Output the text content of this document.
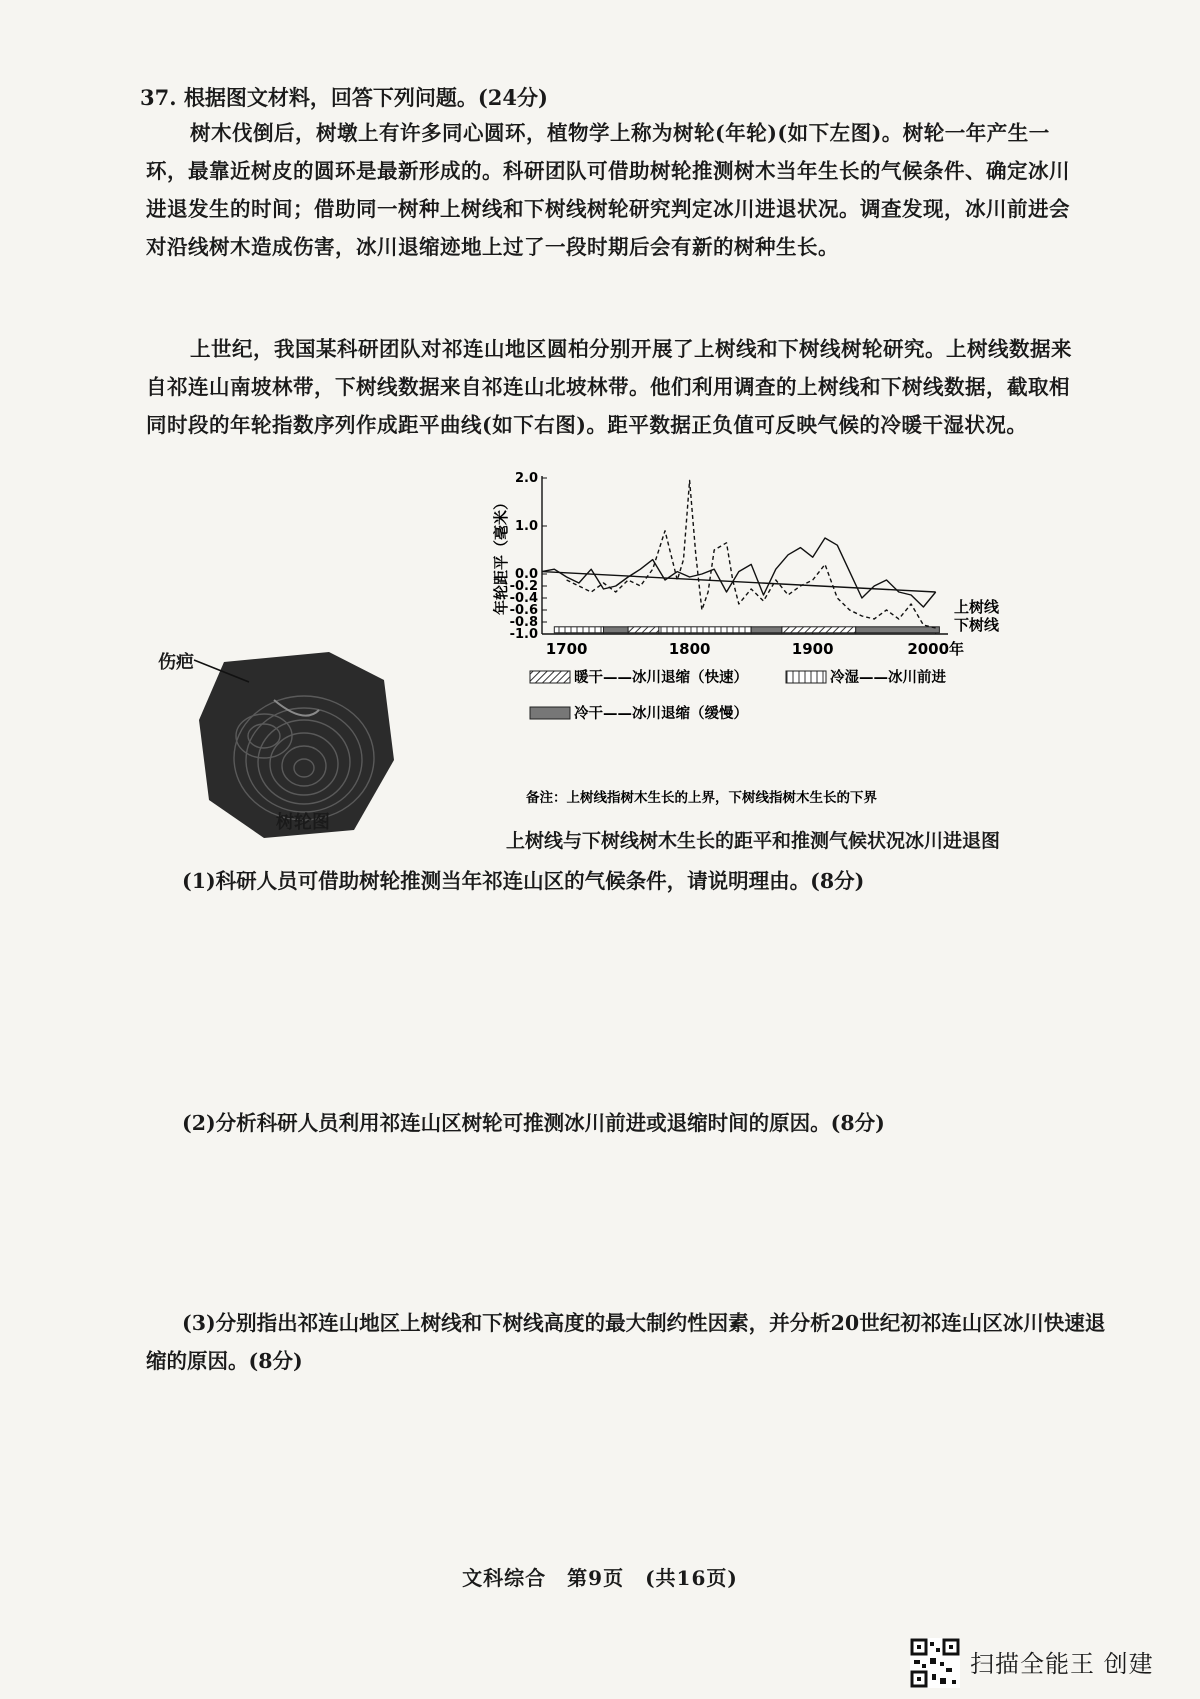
37. 根据图文材料，回答下列问题。(24分)
树木伐倒后，树墩上有许多同心圆环，植物学上称为树轮(年轮)(如下左图)。树轮一年产生一环，最靠近树皮的圆环是最新形成的。科研团队可借助树轮推测树木当年生长的气候条件、确定冰川进退发生的时间；借助同一树种上树线和下树线树轮研究判定冰川进退状况。调查发现，冰川前进会对沿线树木造成伤害，冰川退缩迹地上过了一段时期后会有新的树种生长。
上世纪，我国某科研团队对祁连山地区圆柏分别开展了上树线和下树线树轮研究。上树线数据来自祁连山南坡林带，下树线数据来自祁连山北坡林带。他们利用调查的上树线和下树线数据，截取相同时段的年轮指数序列作成距平曲线(如下右图)。距平数据正负值可反映气候的冷暖干湿状况。
伤疤
树轮图
2.0
1.0
0.0
-0.2
-0.4
-0.6
-0.8
-1.0
1700	1800	1900	2000年
年轮距平（毫米）	上树线
下树线
暖干——冰川退缩（快速）	冷湿——冰川前进
冷干——冰川退缩（缓慢）
备注：上树线指树木生长的上界，下树线指树木生长的下界
上树线与下树线树木生长的距平和推测气候状况冰川进退图
(1)科研人员可借助树轮推测当年祁连山区的气候条件，请说明理由。(8分)
(2)分析科研人员利用祁连山区树轮可推测冰川前进或退缩时间的原因。(8分)
(3)分别指出祁连山地区上树线和下树线高度的最大制约性因素，并分析20世纪初祁连山区冰川快速退缩的原因。(8分)
文科综合　第9页　(共16页)
扫描全能王 创建
